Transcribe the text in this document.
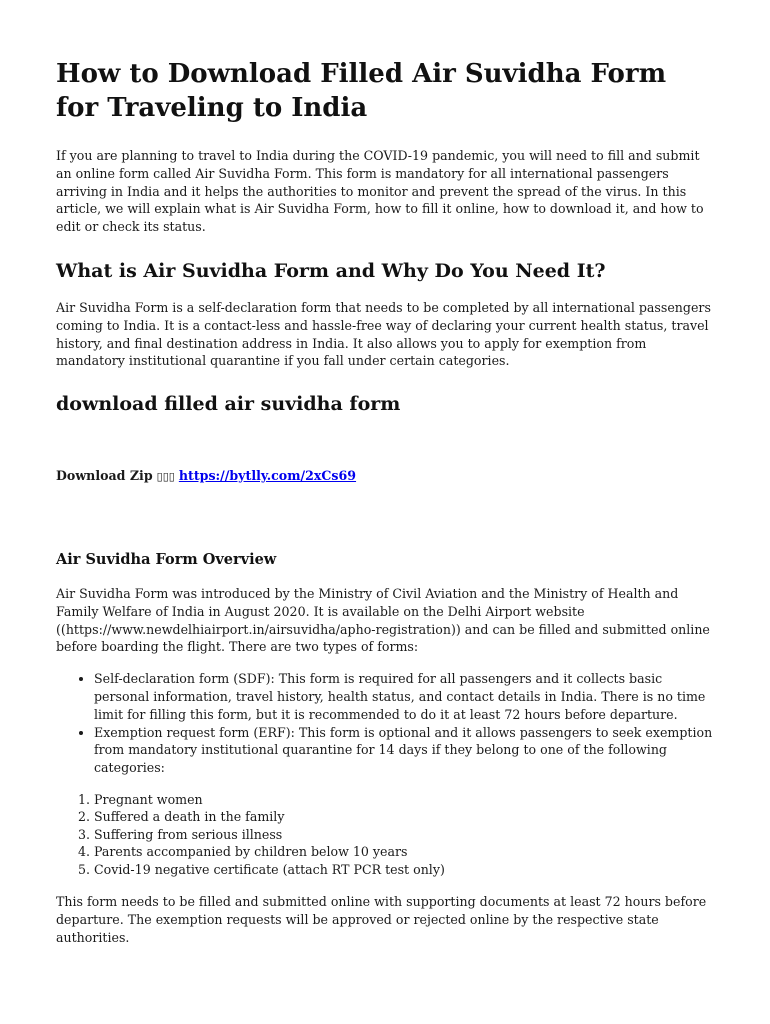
How to Download Filled Air Suvidha Form for Traveling to India

If you are planning to travel to India during the COVID-19 pandemic, you will need to fill and submit an online form called Air Suvidha Form. This form is mandatory for all international passengers arriving in India and it helps the authorities to monitor and prevent the spread of the virus. In this article, we will explain what is Air Suvidha Form, how to fill it online, how to download it, and how to edit or check its status.

What is Air Suvidha Form and Why Do You Need It?

Air Suvidha Form is a self-declaration form that needs to be completed by all international passengers coming to India. It is a contact-less and hassle-free way of declaring your current health status, travel history, and final destination address in India. It also allows you to apply for exemption from mandatory institutional quarantine if you fall under certain categories.

download filled air suvidha form

Download Zip ▯▯▯ https://bytlly.com/2xCs69

Air Suvidha Form Overview

Air Suvidha Form was introduced by the Ministry of Civil Aviation and the Ministry of Health and Family Welfare of India in August 2020. It is available on the Delhi Airport website ((https://www.newdelhiairport.in/airsuvidha/apho-registration)) and can be filled and submitted online before boarding the flight. There are two types of forms:

• Self-declaration form (SDF): This form is required for all passengers and it collects basic personal information, travel history, health status, and contact details in India. There is no time limit for filling this form, but it is recommended to do it at least 72 hours before departure.
• Exemption request form (ERF): This form is optional and it allows passengers to seek exemption from mandatory institutional quarantine for 14 days if they belong to one of the following categories:
1. Pregnant women
2. Suffered a death in the family
3. Suffering from serious illness
4. Parents accompanied by children below 10 years
5. Covid-19 negative certificate (attach RT PCR test only)

This form needs to be filled and submitted online with supporting documents at least 72 hours before departure. The exemption requests will be approved or rejected online by the respective state authorities.
